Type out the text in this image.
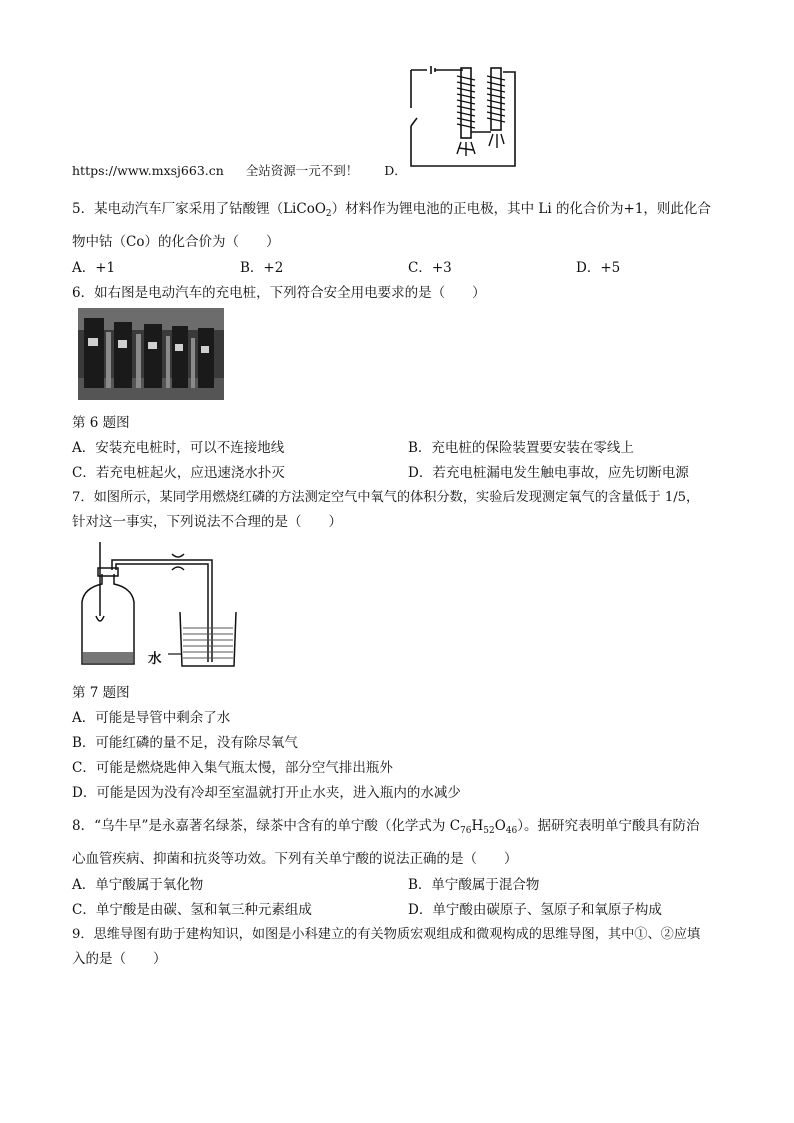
https://www.mxsj663.cn 全站资源一元不到！ D．
5．某电动汽车厂家采用了钴酸锂（LiCoO$_2$）材料作为锂电池的正电极，其中 Li 的化合价为+1，则此化合
物中钴（Co）的化合价为（　　）
A．+1	B．+2	C．+3	D．+5
6．如右图是电动汽车的充电桩，下列符合安全用电要求的是（　　）
第 6 题图
A．安装充电桩时，可以不连接地线	B．充电桩的保险装置要安装在零线上
C．若充电桩起火，应迅速浇水扑灭	D．若充电桩漏电发生触电事故，应先切断电源
7．如图所示，某同学用燃烧红磷的方法测定空气中氧气的体积分数，实验后发现测定氧气的含量低于 1/5，
针对这一事实，下列说法不合理的是（　　）
水
第 7 题图
A．可能是导管中剩余了水
B．可能红磷的量不足，没有除尽氧气
C．可能是燃烧匙伸入集气瓶太慢，部分空气排出瓶外
D．可能是因为没有冷却至室温就打开止水夹，进入瓶内的水减少
8．“乌牛早”是永嘉著名绿茶，绿茶中含有的单宁酸（化学式为 $C_{76}H_{52}O_{46}$）。据研究表明单宁酸具有防治
心血管疾病、抑菌和抗炎等功效。下列有关单宁酸的说法正确的是（　　）
A．单宁酸属于氧化物	B．单宁酸属于混合物
C．单宁酸是由碳、氢和氧三种元素组成	D．单宁酸由碳原子、氢原子和氧原子构成
9．思维导图有助于建构知识，如图是小科建立的有关物质宏观组成和微观构成的思维导图，其中①、②应填
入的是（　　）
